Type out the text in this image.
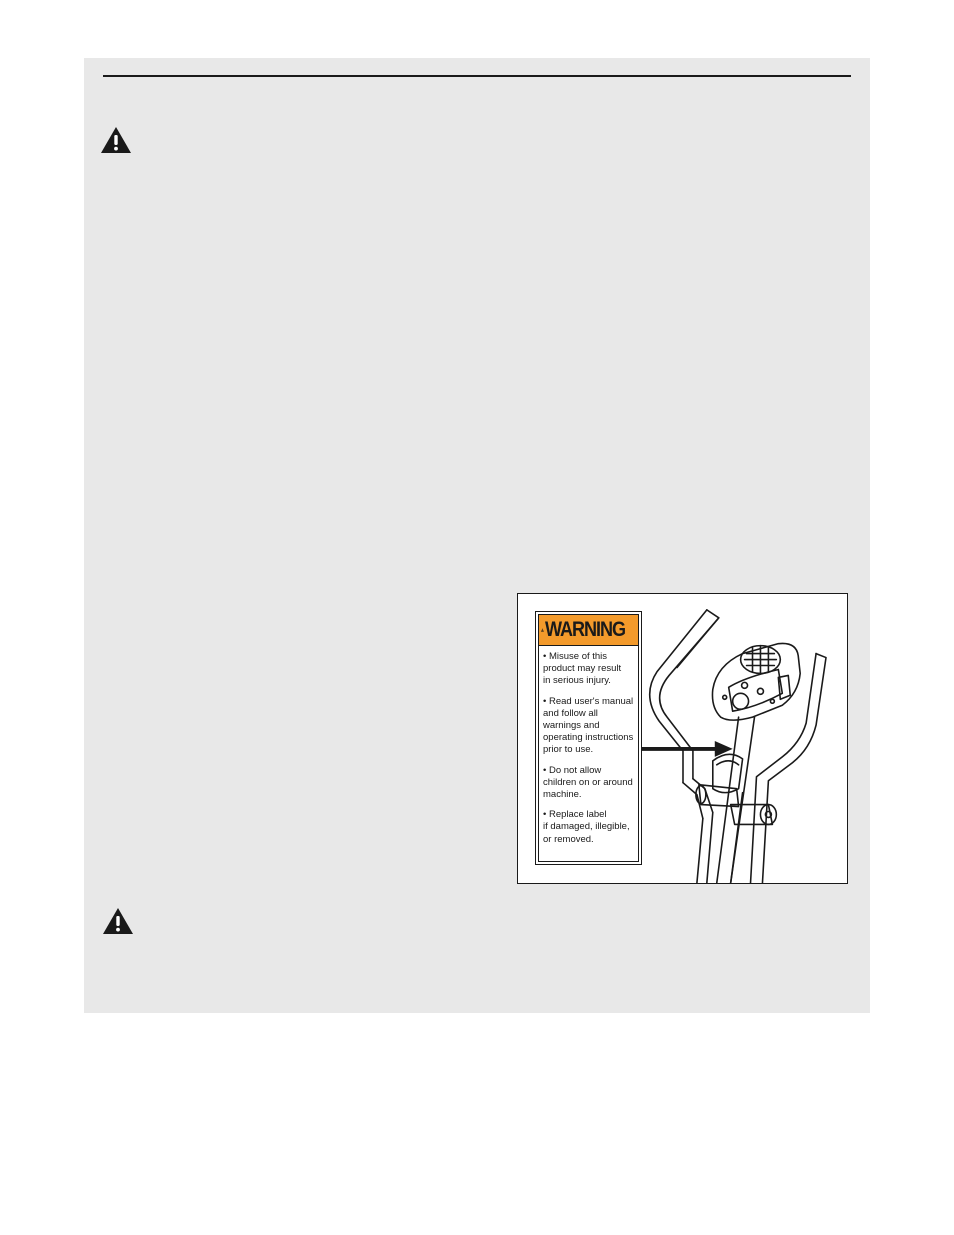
WARNING
• Misuse of this
product may result
in serious injury.
• Read user's manual
and follow all
warnings and
operating instructions
prior to use.
• Do not allow
children on or around
machine.
• Replace label
if damaged, illegible,
or removed.
